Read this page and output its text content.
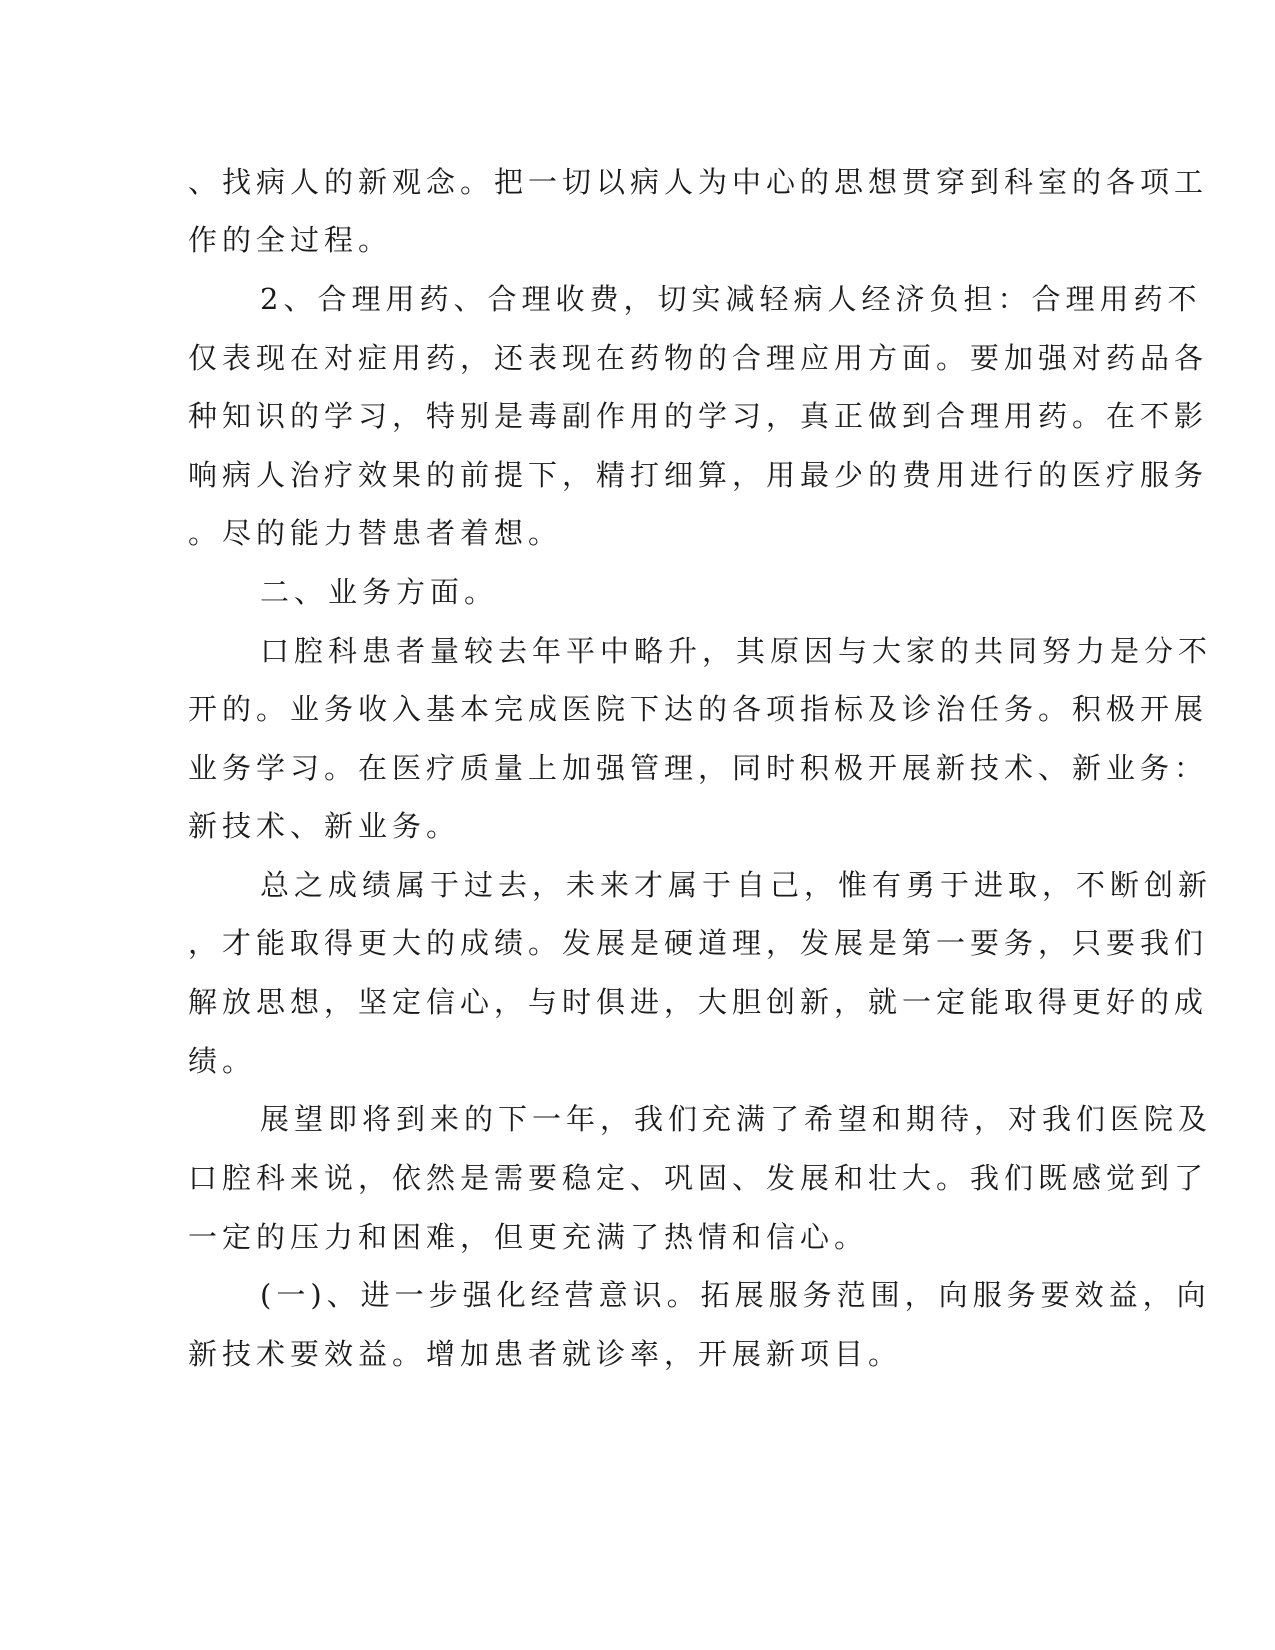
、找病人的新观念。把一切以病人为中心的思想贯穿到科室的各项工
作的全过程。
2、合理用药、合理收费，切实减轻病人经济负担：合理用药不
仅表现在对症用药，还表现在药物的合理应用方面。要加强对药品各
种知识的学习，特别是毒副作用的学习，真正做到合理用药。在不影
响病人治疗效果的前提下，精打细算，用最少的费用进行的医疗服务
。尽的能力替患者着想。
二、业务方面。
口腔科患者量较去年平中略升，其原因与大家的共同努力是分不
开的。业务收入基本完成医院下达的各项指标及诊治任务。积极开展
业务学习。在医疗质量上加强管理，同时积极开展新技术、新业务：
新技术、新业务。
总之成绩属于过去，未来才属于自己，惟有勇于进取，不断创新
，才能取得更大的成绩。发展是硬道理，发展是第一要务，只要我们
解放思想，坚定信心，与时俱进，大胆创新，就一定能取得更好的成
绩。
展望即将到来的下一年，我们充满了希望和期待，对我们医院及
口腔科来说，依然是需要稳定、巩固、发展和壮大。我们既感觉到了
一定的压力和困难，但更充满了热情和信心。
(一)、进一步强化经营意识。拓展服务范围，向服务要效益，向
新技术要效益。增加患者就诊率，开展新项目。
